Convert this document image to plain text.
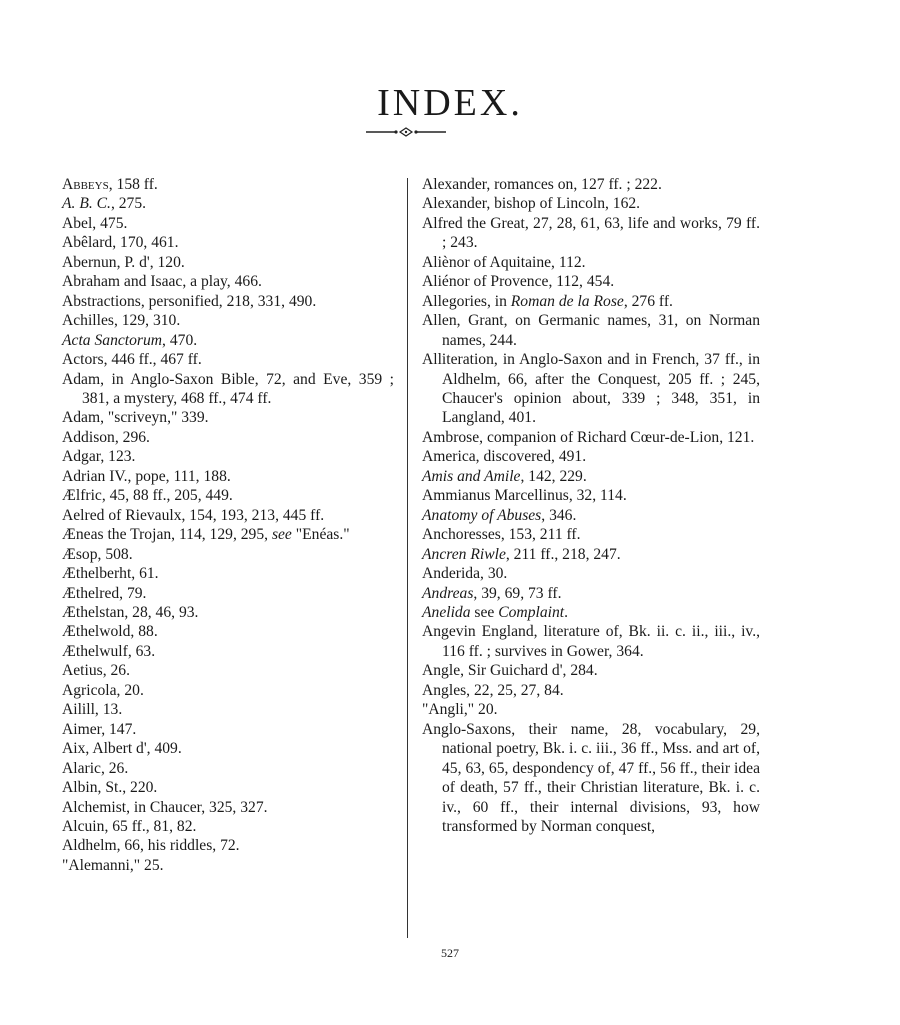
INDEX.
Abbeys, 158 ff.
A. B. C., 275.
Abel, 475.
Abêlard, 170, 461.
Abernun, P. d', 120.
Abraham and Isaac, a play, 466.
Abstractions, personified, 218, 331, 490.
Achilles, 129, 310.
Acta Sanctorum, 470.
Actors, 446 ff., 467 ff.
Adam, in Anglo-Saxon Bible, 72, and Eve, 359 ; 381, a mystery, 468 ff., 474 ff.
Adam, "scriveyn," 339.
Addison, 296.
Adgar, 123.
Adrian IV., pope, 111, 188.
Ælfric, 45, 88 ff., 205, 449.
Aelred of Rievaulx, 154, 193, 213, 445 ff.
Æneas the Trojan, 114, 129, 295, see "Enéas."
Æsop, 508.
Æthelberht, 61.
Æthelred, 79.
Æthelstan, 28, 46, 93.
Æthelwold, 88.
Æthelwulf, 63.
Aetius, 26.
Agricola, 20.
Ailill, 13.
Aimer, 147.
Aix, Albert d', 409.
Alaric, 26.
Albin, St., 220.
Alchemist, in Chaucer, 325, 327.
Alcuin, 65 ff., 81, 82.
Aldhelm, 66, his riddles, 72.
"Alemanni," 25.
Alexander, romances on, 127 ff. ; 222.
Alexander, bishop of Lincoln, 162.
Alfred the Great, 27, 28, 61, 63, life and works, 79 ff. ; 243.
Aliènor of Aquitaine, 112.
Aliénor of Provence, 112, 454.
Allegories, in Roman de la Rose, 276 ff.
Allen, Grant, on Germanic names, 31, on Norman names, 244.
Alliteration, in Anglo-Saxon and in French, 37 ff., in Aldhelm, 66, after the Conquest, 205 ff. ; 245, Chaucer's opinion about, 339 ; 348, 351, in Langland, 401.
Ambrose, companion of Richard Cœur-de-Lion, 121.
America, discovered, 491.
Amis and Amile, 142, 229.
Ammianus Marcellinus, 32, 114.
Anatomy of Abuses, 346.
Anchoresses, 153, 211 ff.
Ancren Riwle, 211 ff., 218, 247.
Anderida, 30.
Andreas, 39, 69, 73 ff.
Anelida see Complaint.
Angevin England, literature of, Bk. ii. c. ii., iii., iv., 116 ff. ; survives in Gower, 364.
Angle, Sir Guichard d', 284.
Angles, 22, 25, 27, 84.
"Angli," 20.
Anglo-Saxons, their name, 28, vocabulary, 29, national poetry, Bk. i. c. iii., 36 ff., Mss. and art of, 45, 63, 65, despondency of, 47 ff., 56 ff., their idea of death, 57 ff., their Christian literature, Bk. i. c. iv., 60 ff., their internal divisions, 93, how transformed by Norman conquest,
527
